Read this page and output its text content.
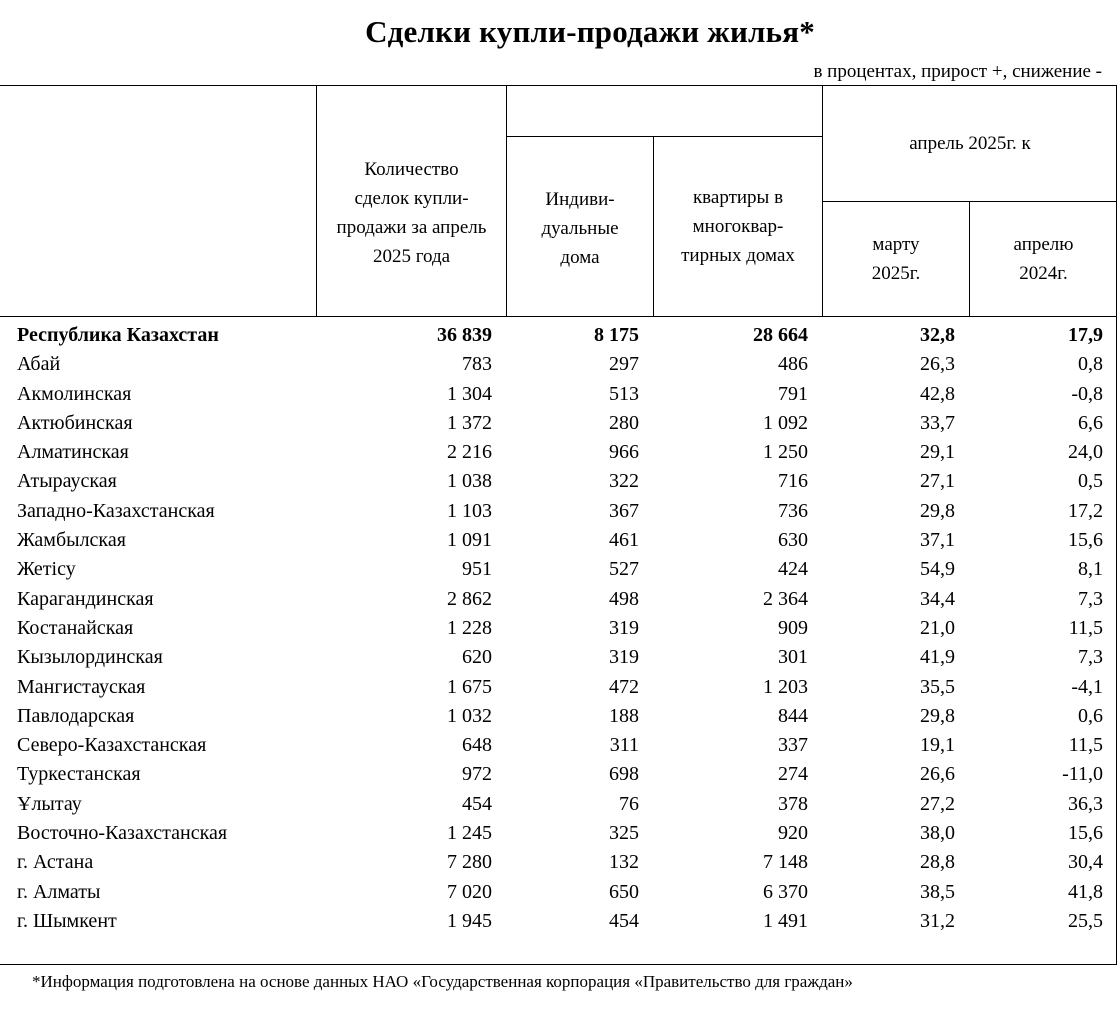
Сделки купли-продажи жилья*
в процентах, прирост +, снижение -
Количество сделок купли-продажи за апрель 2025 года
Индиви-дуальные дома
квартиры в многоквар-тирных домах
апрель 2025г. к
марту 2025г.
апрелю 2024г.
Республика Казахстан	36 839	8 175	28 664	32,8	17,9
Абай	783	297	486	26,3	0,8
Акмолинская	1 304	513	791	42,8	-0,8
Актюбинская	1 372	280	1 092	33,7	6,6
Алматинская	2 216	966	1 250	29,1	24,0
Атырауская	1 038	322	716	27,1	0,5
Западно-Казахстанская	1 103	367	736	29,8	17,2
Жамбылская	1 091	461	630	37,1	15,6
Жетісу	951	527	424	54,9	8,1
Карагандинская	2 862	498	2 364	34,4	7,3
Костанайская	1 228	319	909	21,0	11,5
Кызылординская	620	319	301	41,9	7,3
Мангистауская	1 675	472	1 203	35,5	-4,1
Павлодарская	1 032	188	844	29,8	0,6
Северо-Казахстанская	648	311	337	19,1	11,5
Туркестанская	972	698	274	26,6	-11,0
Ұлытау	454	76	378	27,2	36,3
Восточно-Казахстанская	1 245	325	920	38,0	15,6
г. Астана	7 280	132	7 148	28,8	30,4
г. Алматы	7 020	650	6 370	38,5	41,8
г. Шымкент	1 945	454	1 491	31,2	25,5
*Информация подготовлена на основе данных НАО «Государственная корпорация «Правительство для граждан»
